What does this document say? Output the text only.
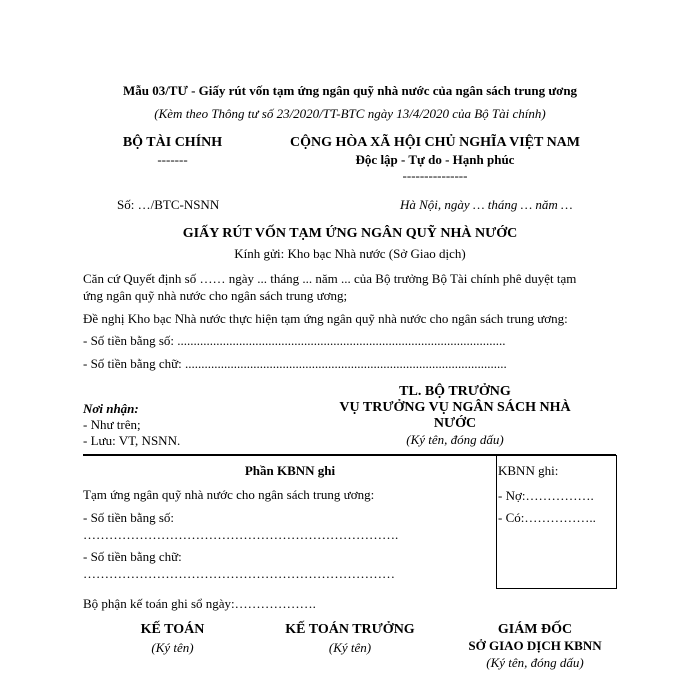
Mẫu 03/TƯ - Giấy rút vốn tạm ứng ngân quỹ nhà nước của ngân sách trung ương
(Kèm theo Thông tư số 23/2020/TT-BTC ngày 13/4/2020 của Bộ Tài chính)
BỘ TÀI CHÍNH
-------
CỘNG HÒA XÃ HỘI CHỦ NGHĨA VIỆT NAM
Độc lập - Tự do - Hạnh phúc
---------------
Số: …/BTC-NSNN	Hà Nội, ngày … tháng … năm …
GIẤY RÚT VỐN TẠM ỨNG NGÂN QUỸ NHÀ NƯỚC
Kính gửi: Kho bạc Nhà nước (Sở Giao dịch)
Căn cứ Quyết định số …… ngày ... tháng ... năm ... của Bộ trưởng Bộ Tài chính phê duyệt tạm
ứng ngân quỹ nhà nước cho ngân sách trung ương;
Đề nghị Kho bạc Nhà nước thực hiện tạm ứng ngân quỹ nhà nước cho ngân sách trung ương:
- Số tiền bằng số: .....................................................................................................
- Số tiền bằng chữ: ...................................................................................................
TL. BỘ TRƯỞNG
VỤ TRƯỞNG VỤ NGÂN SÁCH NHÀ
NƯỚC
(Ký tên, đóng dấu)
Nơi nhận:
- Như trên;
- Lưu: VT, NSNN.
Phần KBNN ghi
Tạm ứng ngân quỹ nhà nước cho ngân sách trung ương:
- Số tiền bằng số:
……………………………………………………………….
- Số tiền bằng chữ:
………………………………………………………………
KBNN ghi:
- Nợ:…………….
- Có:……………..
Bộ phận kế toán ghi sổ ngày:……………….
KẾ TOÁN
(Ký tên)
KẾ TOÁN TRƯỞNG
(Ký tên)
GIÁM ĐỐC
SỞ GIAO DỊCH KBNN
(Ký tên, đóng dấu)
